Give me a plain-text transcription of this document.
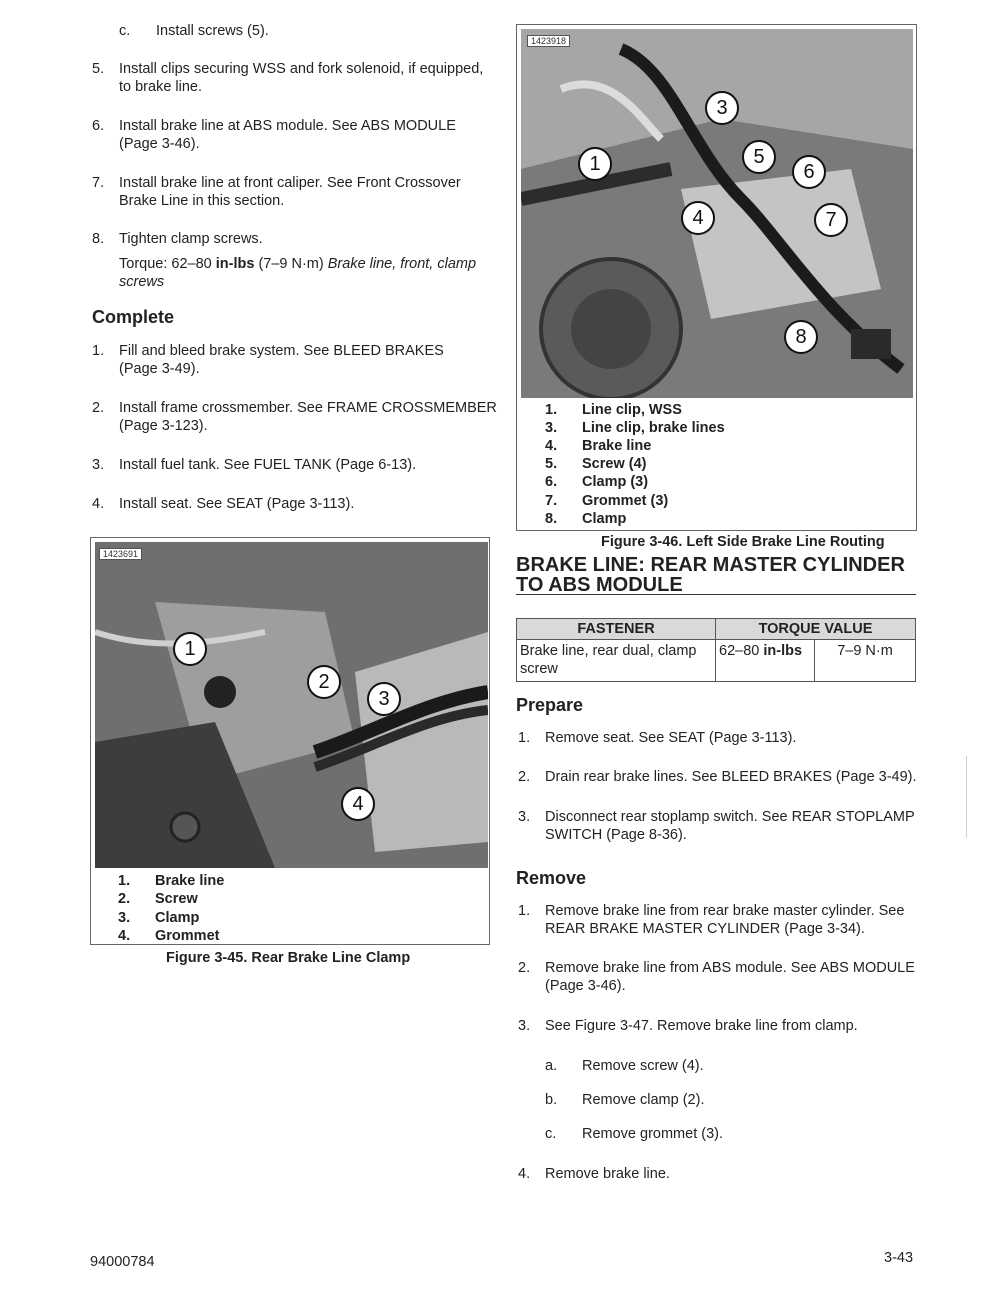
c. Install screws (5).
5. Install clips securing WSS and fork solenoid, if equipped,
to brake line.
6. Install brake line at ABS module. See ABS MODULE
(Page 3-46).
7. Install brake line at front caliper. See Front Crossover
Brake Line in this section.
8. Tighten clamp screws.
Torque: 62–80 in-lbs (7–9 N·m) Brake line, front, clamp
screws
Complete
1. Fill and bleed brake system. See BLEED BRAKES
(Page 3-49).
2. Install frame crossmember. See FRAME CROSSMEMBER
(Page 3-123).
3. Install fuel tank. See FUEL TANK (Page 6-13).
4. Install seat. See SEAT (Page 3-113).
1423691
1
2
3
4
1. Brake line
2. Screw
3. Clamp
4. Grommet
Figure 3-45. Rear Brake Line Clamp
1423918
1
3
4
5
6
7
8
1. Line clip, WSS
3. Line clip, brake lines
4. Brake line
5. Screw (4)
6. Clamp (3)
7. Grommet (3)
8. Clamp
Figure 3-46. Left Side Brake Line Routing
BRAKE LINE: REAR MASTER CYLINDER
TO ABS MODULE
FASTENER	TORQUE VALUE	

Brake line, rear dual, clamp
screw	62–80 in-lbs	7–9 N·m
Prepare
1. Remove seat. See SEAT (Page 3-113).
2. Drain rear brake lines. See BLEED BRAKES (Page 3-49).
3. Disconnect rear stoplamp switch. See REAR STOPLAMP
SWITCH (Page 8-36).
Remove
1. Remove brake line from rear brake master cylinder. See
REAR BRAKE MASTER CYLINDER (Page 3-34).
2. Remove brake line from ABS module. See ABS MODULE
(Page 3-46).
3. See Figure 3-47. Remove brake line from clamp.
a. Remove screw (4).
b. Remove clamp (2).
c. Remove grommet (3).
4. Remove brake line.
94000784	3-43
